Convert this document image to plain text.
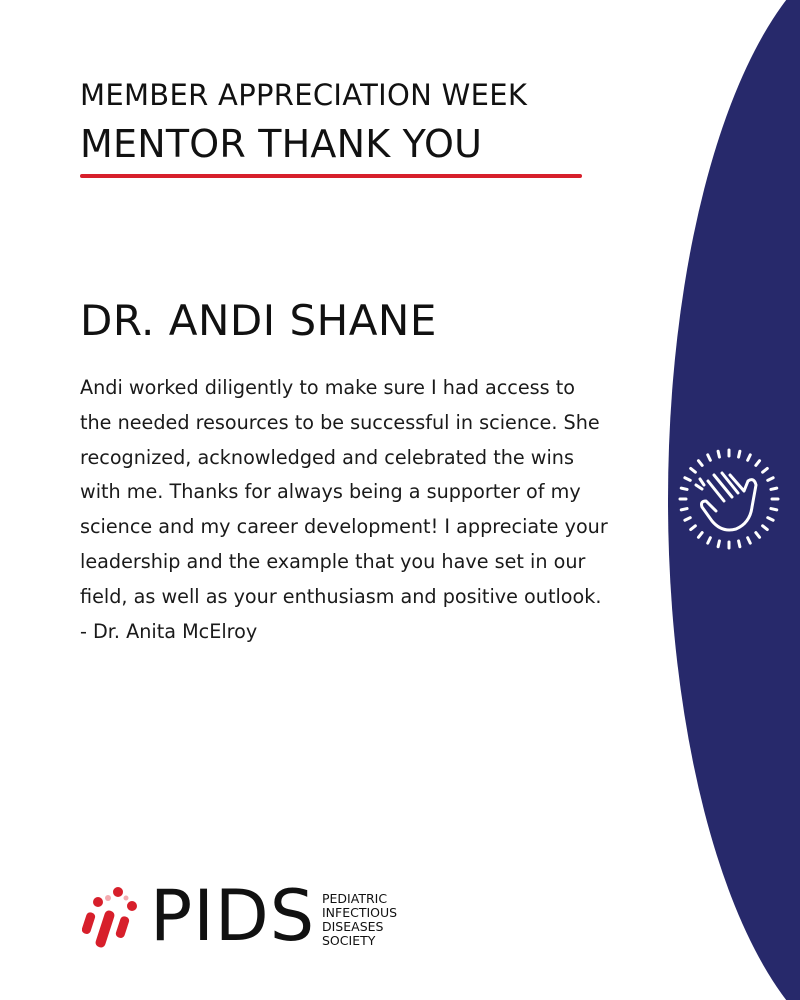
MEMBER APPRECIATION WEEK
MENTOR THANK YOU
DR. ANDI SHANE

Andi worked diligently to make sure I had access to the needed resources to be successful in science. She recognized, acknowledged and celebrated the wins with me. Thanks for always being a supporter of my science and my career development! I appreciate your leadership and the example that you have set in our field, as well as your enthusiasm and positive outlook.

- Dr. Anita McElroy

PIDS PEDIATRIC
INFECTIOUS
DISEASES
SOCIETY
